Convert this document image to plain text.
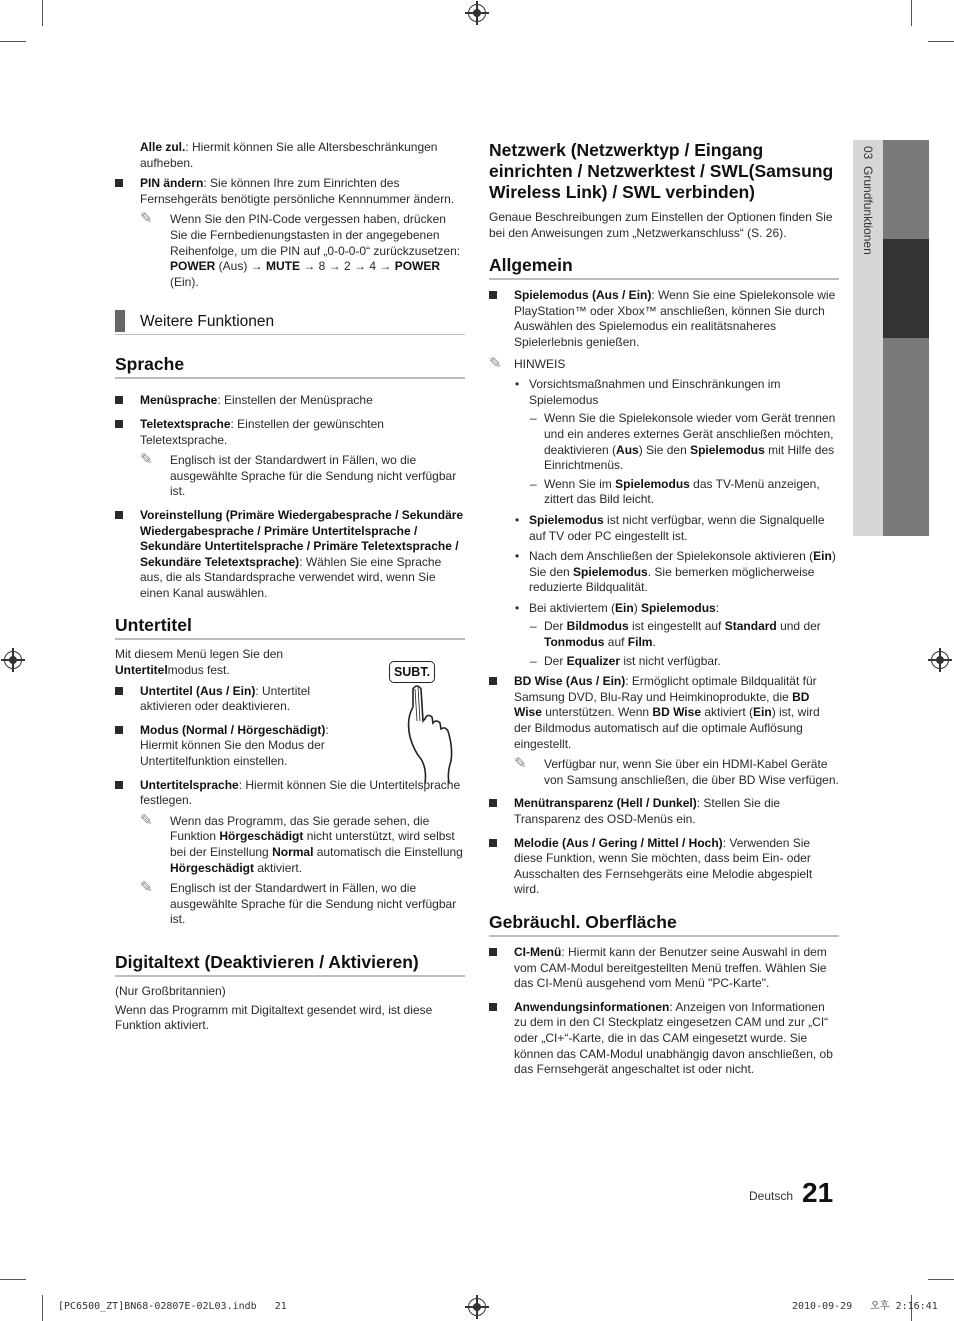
03  Grundfunktionen

Alle zul.: Hiermit können Sie alle Altersbeschränkungen aufheben.

PIN ändern: Sie können Ihre zum Einrichten des Fernsehgeräts benötigte persönliche Kennnummer ändern.

✎ Wenn Sie den PIN-Code vergessen haben, drücken Sie die Fernbedienungstasten in der angegebenen Reihenfolge, um die PIN auf „0-0-0-0“ zurückzusetzen: POWER (Aus) → MUTE → 8 → 2 → 4 → POWER (Ein).
Weitere Funktionen
Sprache

Menüsprache: Einstellen der Menüsprache

Teletextsprache: Einstellen der gewünschten Teletextsprache.

✎ Englisch ist der Standardwert in Fällen, wo die ausgewählte Sprache für die Sendung nicht verfügbar ist.

Voreinstellung (Primäre Wiedergabesprache / Sekundäre Wiedergabesprache / Primäre Untertitelsprache / Sekundäre Untertitelsprache / Primäre Teletextsprache / Sekundäre Teletextsprache): Wählen Sie eine Sprache aus, die als Standardsprache verwendet wird, wenn Sie einen Kanal auswählen.

Untertitel
SUBT.

Mit diesem Menü legen Sie den Untertitelmodus fest.

Untertitel (Aus / Ein): Untertitel aktivieren oder deaktivieren.

Modus (Normal / Hörgeschädigt): Hiermit können Sie den Modus der Untertitelfunktion einstellen.

Untertitelsprache: Hiermit können Sie die Untertitelsprache festlegen.

✎ Wenn das Programm, das Sie gerade sehen, die Funktion Hörgeschädigt nicht unterstützt, wird selbst bei der Einstellung Normal automatisch die Einstellung Hörgeschädigt aktiviert.
✎ Englisch ist der Standardwert in Fällen, wo die ausgewählte Sprache für die Sendung nicht verfügbar ist.
Digitaltext (Deaktivieren / Aktivieren)

(Nur Großbritannien)

Wenn das Programm mit Digitaltext gesendet wird, ist diese Funktion aktiviert.

Netzwerk (Netzwerktyp / Eingang einrichten / Netzwerktest / SWL(Samsung Wireless Link) / SWL verbinden)

Genaue Beschreibungen zum Einstellen der Optionen finden Sie bei den Anweisungen zum „Netzwerkanschluss“ (S. 26).

Allgemein

Spielemodus (Aus / Ein): Wenn Sie eine Spielekonsole wie PlayStation™ oder Xbox™ anschließen, können Sie durch Auswählen des Spielemodus ein realitätsnaheres Spielerlebnis genießen.

✎ HINWEIS

• Vorsichtsmaßnahmen und Einschränkungen im Spielemodus

– Wenn Sie die Spielekonsole wieder vom Gerät trennen und ein anderes externes Gerät anschließen möchten, deaktivieren (Aus) Sie den Spielemodus mit Hilfe des Einrichtmenüs.

– Wenn Sie im Spielemodus das TV-Menü anzeigen, zittert das Bild leicht.

• Spielemodus ist nicht verfügbar, wenn die Signalquelle auf TV oder PC eingestellt ist.

• Nach dem Anschließen der Spielekonsole aktivieren (Ein) Sie den Spielemodus. Sie bemerken möglicherweise reduzierte Bildqualität.

• Bei aktiviertem (Ein) Spielemodus:

– Der Bildmodus ist eingestellt auf Standard und der Tonmodus auf Film.

– Der Equalizer ist nicht verfügbar.

BD Wise (Aus / Ein): Ermöglicht optimale Bildqualität für Samsung DVD, Blu-Ray und Heimkinoprodukte, die BD Wise unterstützen. Wenn BD Wise aktiviert (Ein) ist, wird der Bildmodus automatisch auf die optimale Auflösung eingestellt.

✎ Verfügbar nur, wenn Sie über ein HDMI-Kabel Geräte von Samsung anschließen, die über BD Wise verfügen.

Menütransparenz (Hell / Dunkel): Stellen Sie die Transparenz des OSD-Menüs ein.

Melodie (Aus / Gering / Mittel / Hoch): Verwenden Sie diese Funktion, wenn Sie möchten, dass beim Ein- oder Ausschalten des Fernsehgeräts eine Melodie abgespielt wird.

Gebräuchl. Oberfläche

CI-Menü: Hiermit kann der Benutzer seine Auswahl in dem vom CAM-Modul bereitgestellten Menü treffen. Wählen Sie das CI-Menü ausgehend vom Menü "PC-Karte".

Anwendungsinformationen: Anzeigen von Informationen zu dem in den CI Steckplatz eingesetzen CAM und zur „CI“ oder „CI+“-Karte, die in das CAM eingesetzt wurde. Sie können das CAM-Modul unabhängig davon anschließen, ob das Fernsehgerät angeschaltet ist oder nicht.

Deutsch 21
[PC6500_ZT]BN68-02807E-02L03.indb   21	2010-09-29   오후 2:16:41
